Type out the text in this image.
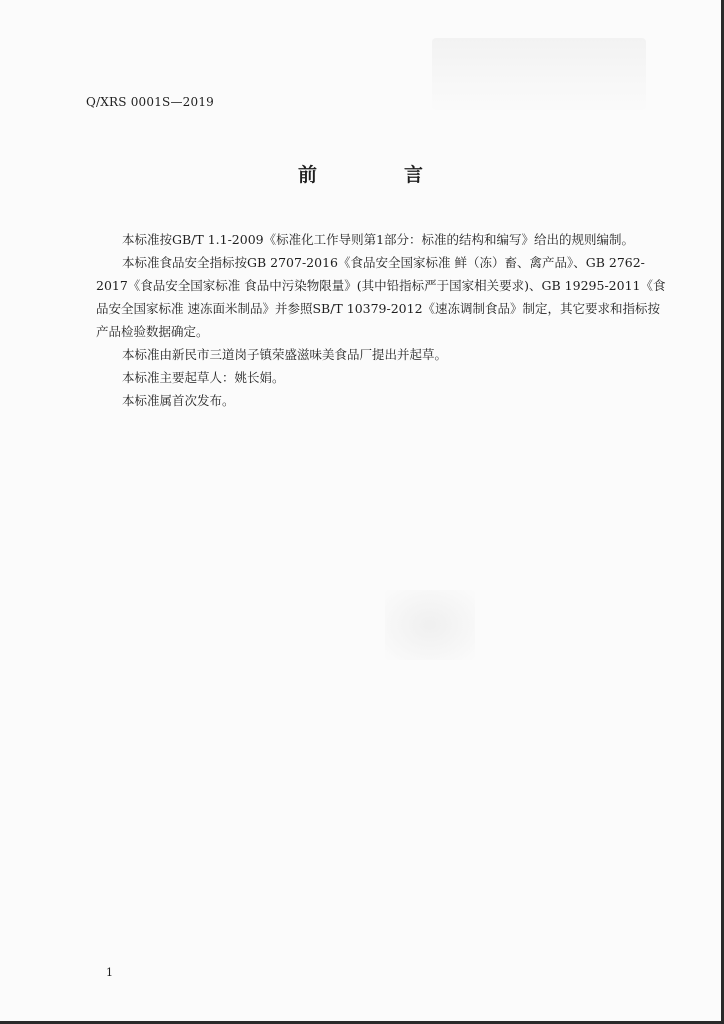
Q/XRS 0001S—2019
前　言

本标准按GB/T 1.1-2009《标准化工作导则第1部分：标准的结构和编写》给出的规则编制。

本标准食品安全指标按GB 2707-2016《食品安全国家标准 鲜（冻）畜、禽产品》、GB 2762-2017《食品安全国家标准 食品中污染物限量》(其中铅指标严于国家相关要求)、GB 19295-2011《食品安全国家标准 速冻面米制品》并参照SB/T 10379-2012《速冻调制食品》制定，其它要求和指标按产品检验数据确定。

本标准由新民市三道岗子镇荣盛滋味美食品厂提出并起草。

本标准主要起草人：姚长娟。

本标准属首次发布。

1
